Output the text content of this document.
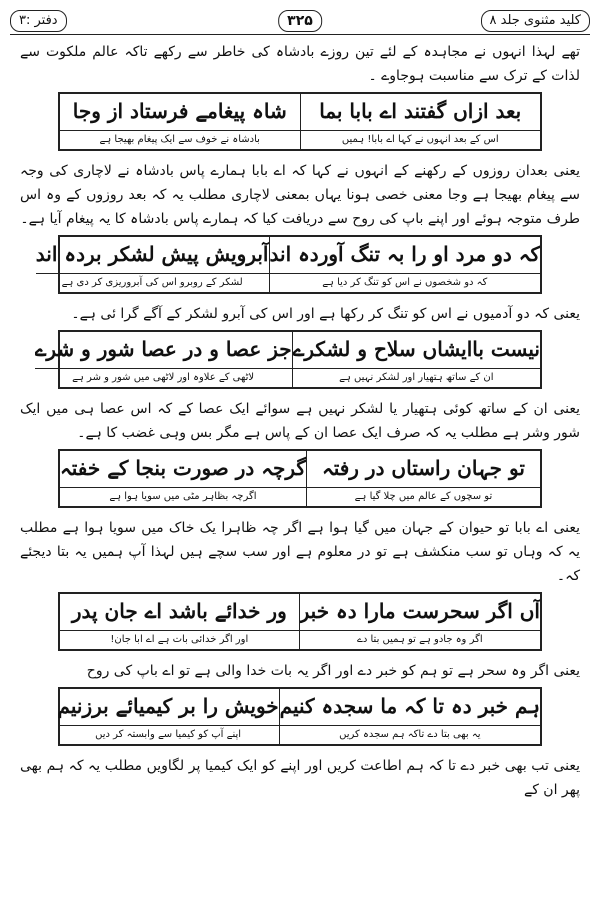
کلید مثنوی جلد ۸
۳۲۵
دفتر :۳

تھے لہذا انہوں نے مجاہدہ کے لئے تین روزے بادشاہ کی خاطر سے رکھے تاکہ عالم ملکوت سے لذات کے ترک سے مناسبت ہوجاوے ۔

بعد ازاں گفتند اے بابا بما
اس کے بعد انہوں نے کہا اے بابا! ہمیں
شاہ پیغامے فرستاد از وجا
بادشاہ نے خوف سے ایک پیغام بھیجا ہے

یعنی بعدان روزوں کے رکھنے کے انہوں نے کہا کہ اے بابا ہمارے پاس بادشاہ نے لاچاری کی وجہ سے پیغام بھیجا ہے وجا معنی خصی ہونا یہاں بمعنی لاچاری مطلب یہ کہ بعد روزوں کے وہ اس طرف متوجہ ہوئے اور اپنے باپ کی روح سے دریافت کیا کہ ہمارے پاس بادشاہ کا یہ پیغام آیا ہے۔

کہ دو مرد او را بہ تنگ آوردہ اند
کہ دو شخصوں نے اس کو تنگ کر دیا ہے
آبرویش پیش لشکر بردہ اند
لشکر کے روبرو اس کی آبروریزی کر دی ہے

یعنی کہ دو آدمیوں نے اس کو تنگ کر رکھا ہے اور اس کی آبرو لشکر کے آگے گرا ئی ہے۔

نیست باایشاں سلاح و لشکرے
ان کے ساتھ ہتھیار اور لشکر نہیں ہے
جز عصا و در عصا شور و شرے
لاٹھی کے علاوہ اور لاٹھی میں شور و شر ہے

یعنی ان کے ساتھ کوئی ہتھیار یا لشکر نہیں ہے سوائے ایک عصا کے کہ اس عصا ہی میں ایک شور وشر ہے مطلب یہ کہ صرف ایک عصا ان کے پاس ہے مگر بس وہی غضب کا ہے۔

تو جہان راستاں در رفتہ
تو سچوں کے عالم میں چلا گیا ہے
گرچہ در صورت بنجا کے خفتہ
اگرچہ بظاہر مٹی میں سویا ہوا ہے

یعنی اے بابا تو حیوان کے جہان میں گیا ہوا ہے اگر چہ ظاہرا یک خاک میں سویا ہوا ہے مطلب یہ کہ وہاں تو سب منکشف ہے تو در معلوم ہے اور سب سچے ہیں لہذا آپ ہمیں یہ بتا دیجئے کہ۔

آں اگر سحرست مارا دہ خبر
اگر وہ جادو ہے تو ہمیں بتا دے
ور خدائے باشد اے جان پدر
اور اگر خدائی بات ہے اے ابا جان!

یعنی اگر وہ سحر ہے تو ہم کو خبر دے اور اگر یہ بات خدا والی ہے تو اے باپ کی روح

ہم خبر دہ تا کہ ما سجدہ کنیم
یہ بھی بتا دے تاکہ ہم سجدہ کریں
خویش را بر کیمیائے برزنیم
اپنے آپ کو کیمیا سے وابستہ کر دیں

یعنی تب بھی خبر دے تا کہ ہم اطاعت کریں اور اپنے کو ایک کیمیا پر لگاویں مطلب یہ کہ ہم بھی پھر ان کے
